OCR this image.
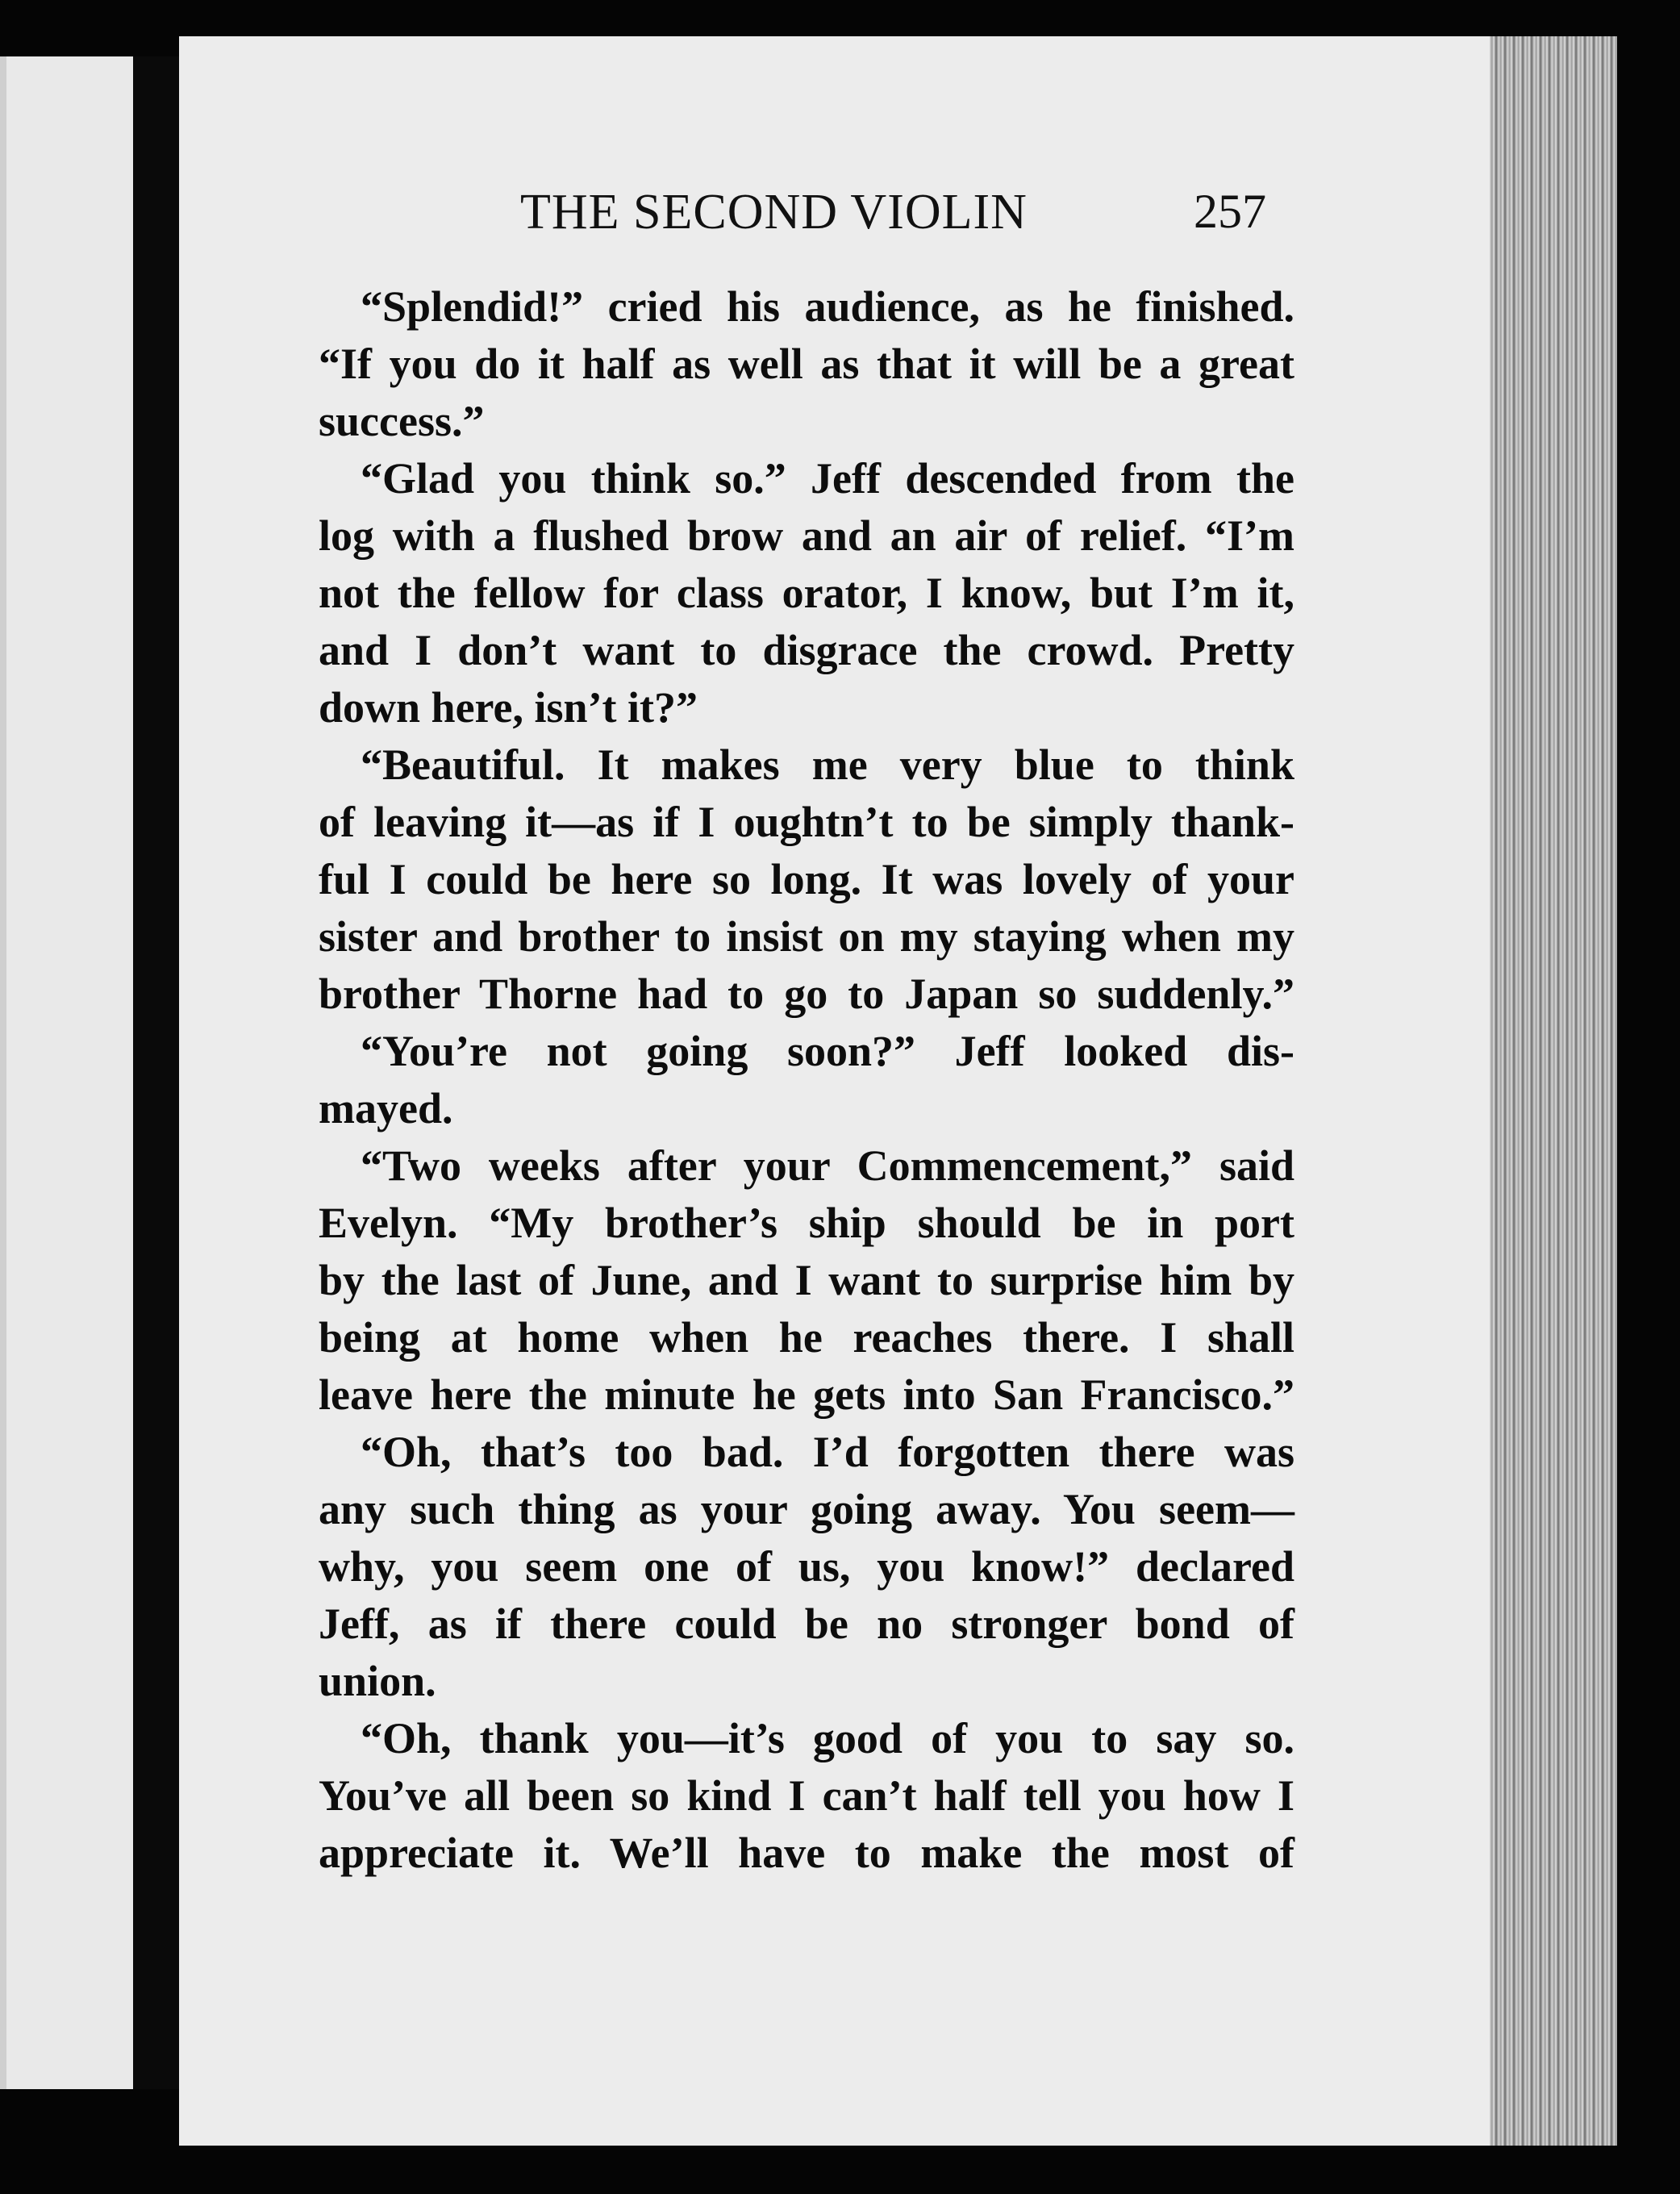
THE SECOND VIOLIN	257
“Splendid!” cried his audience, as he finished.
“If you do it half as well as that it will be a great
success.”
“Glad you think so.” Jeff descended from the
log with a flushed brow and an air of relief. “I’m
not the fellow for class orator, I know, but I’m it,
and I don’t want to disgrace the crowd. Pretty
down here, isn’t it?”
“Beautiful. It makes me very blue to think
of leaving it—as if I oughtn’t to be simply thank-
ful I could be here so long. It was lovely of your
sister and brother to insist on my staying when my
brother Thorne had to go to Japan so suddenly.”
“You’re not going soon?” Jeff looked dis-
mayed.
“Two weeks after your Commencement,” said
Evelyn. “My brother’s ship should be in port
by the last of June, and I want to surprise him by
being at home when he reaches there. I shall
leave here the minute he gets into San Francisco.”
“Oh, that’s too bad. I’d forgotten there was
any such thing as your going away. You seem—
why, you seem one of us, you know!” declared
Jeff, as if there could be no stronger bond of
union.
“Oh, thank you—it’s good of you to say so.
You’ve all been so kind I can’t half tell you how I
appreciate it. We’ll have to make the most of
